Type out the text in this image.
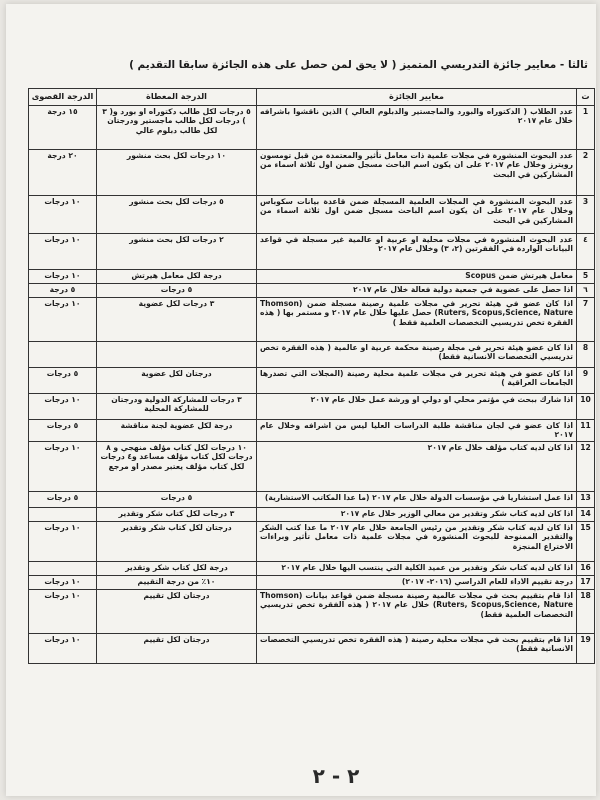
ثالثا - معايير جائزة التدريسي المتميز ( لا يحق لمن حصل على هذه الجائزة سابقا التقديم )
ت	معايير الجائزة	الدرجة المعطاة	الدرجة القصوى
1	عدد الطلاب ( الدكتوراه والبورد والماجستير والدبلوم العالي ) الذين ناقشوا باشرافه خلال عام ٢٠١٧	٥ درجات لكل طالب دكتوراه او بورد و( ٣ ) درجات لكل طالب ماجستير ودرجتان لكل طالب دبلوم عالي	١٥ درجة
2	عدد البحوث المنشورة في مجلات علمية ذات معامل تأثير والمعتمدة من قبل تومسون رويترز وخلال عام ٢٠١٧ على ان يكون اسم الباحث مسجل ضمن اول ثلاثة اسماء من المشاركين في البحث	١٠ درجات لكل بحث منشور	٢٠ درجة
3	عدد البحوث المنشورة في المجلات العلمية المسجلة ضمن قاعدة بيانات سكوباس وخلال عام ٢٠١٧ على ان يكون اسم الباحث مسجل ضمن اول ثلاثة اسماء من المشاركين في البحث	٥ درجات لكل بحث منشور	١٠ درجات
٤	عدد البحوث المنشورة في مجلات محلية او عربية او عالمية غير مسجلة في قواعد البيانات الواردة في الفقرتين (٢، ٣) وخلال عام ٢٠١٧	٢ درجات لكل بحث منشور	١٠ درجات
5	معامل هيرتش ضمن Scopus	درجة لكل معامل هيرتش	١٠ درجات
٦	اذا حصل على عضوية في جمعية دولية فعالة خلال عام ٢٠١٧	٥ درجات	٥ درجة
7	اذا كان عضو في هيئة تحرير في مجلات علمية رصينة مسجلة ضمن (Thomson Ruters, Scopus,Science, Nature) حصل عليها خلال عام ٢٠١٧ و مستمر بها ( هذه الفقرة تخص تدريسيي التخصصات العلمية فقط )	٣ درجات لكل عضوية	١٠ درجات
8	اذا كان عضو هيئة تحرير في مجلة رصينة محكمة عربية او عالمية ( هذه الفقرة تخص تدريسيي التخصصات الانسانية فقط)		
9	اذا كان عضو في هيئة تحرير في مجلات علمية محلية رصينة (المجلات التي تصدرها الجامعات العراقية )	درجتان لكل عضوية	٥ درجات
10	اذا شارك ببحث في مؤتمر محلي او دولي او ورشة عمل خلال عام ٢٠١٧	٣ درجات للمشاركة الدولية ودرجتان للمشاركة المحلية	١٠ درجات
11	اذا كان عضو في لجان مناقشة طلبة الدراسات العليا ليس من اشرافه وخلال عام ٢٠١٧	درجة لكل عضوية لجنة مناقشة	٥ درجات
12	اذا كان لديه كتاب مؤلف خلال عام ٢٠١٧	١٠ درجات لكل كتاب مؤلف منهجي و ٨ درجات لكل كتاب مؤلف مساعد و٤ درجات لكل كتاب مؤلف يعتبر مصدر او مرجع	١٠ درجات
13	اذا عمل استشاريا في مؤسسات الدولة خلال عام ٢٠١٧ (ما عدا المكاتب الاستشارية)	٥ درجات	٥ درجات
14	اذا كان لديه كتاب شكر وتقدير من معالي الوزير خلال عام ٢٠١٧	٣ درجات لكل كتاب شكر وتقدير	
15	اذا كان لديه كتاب شكر وتقدير من رئيس الجامعة خلال عام ٢٠١٧ ما عدا كتب الشكر والتقدير الممنوحة للبحوث المنشورة في مجلات علمية ذات معامل تأثير وبراءات الاختراع المنجزة	درجتان لكل كتاب شكر وتقدير	١٠ درجات
16	اذا كان لديه كتاب شكر وتقدير من عميد الكلية التي ينتسب اليها خلال عام ٢٠١٧	درجة لكل كتاب شكر وتقدير	
17	درجة تقييم الاداء للعام الدراسي (٢٠١٦- ٢٠١٧)	١٠٪ من درجة التقييم	١٠ درجات
18	اذا قام بتقييم بحث في مجلات عالمية رصينة مسجلة ضمن قواعد بيانات (Thomson Ruters, Scopus,Science, Nature) خلال عام ٢٠١٧ ( هذه الفقرة تخص تدريسيي التخصصات العلمية فقط)	درجتان لكل تقييم	١٠ درجات
19	اذا قام بتقييم بحث في مجلات محلية رصينة ( هذه الفقرة تخص تدريسيي التخصصات الانسانية فقط)	درجتان لكل تقييم	١٠ درجات
٢ - ٢
